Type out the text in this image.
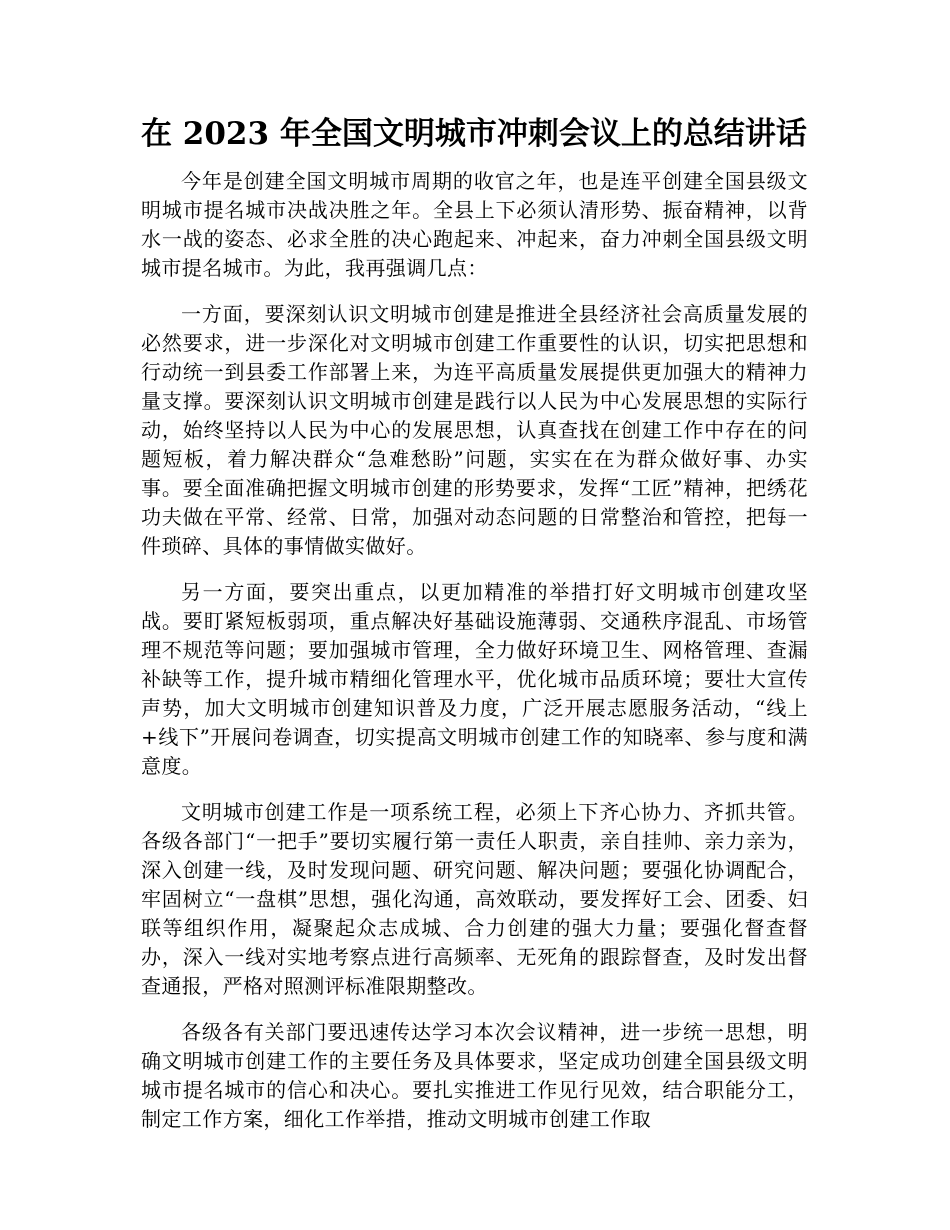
在 2023 年全国文明城市冲刺会议上的总结讲话

今年是创建全国文明城市周期的收官之年，也是连平创建全国县级文明城市提名城市决战决胜之年。全县上下必须认清形势、振奋精神，以背水一战的姿态、必求全胜的决心跑起来、冲起来，奋力冲刺全国县级文明城市提名城市。为此，我再强调几点：

一方面，要深刻认识文明城市创建是推进全县经济社会高质量发展的必然要求，进一步深化对文明城市创建工作重要性的认识，切实把思想和行动统一到县委工作部署上来，为连平高质量发展提供更加强大的精神力量支撑。要深刻认识文明城市创建是践行以人民为中心发展思想的实际行动，始终坚持以人民为中心的发展思想，认真查找在创建工作中存在的问题短板，着力解决群众“急难愁盼”问题，实实在在为群众做好事、办实事。要全面准确把握文明城市创建的形势要求，发挥“工匠”精神，把绣花功夫做在平常、经常、日常，加强对动态问题的日常整治和管控，把每一件琐碎、具体的事情做实做好。

另一方面，要突出重点，以更加精准的举措打好文明城市创建攻坚战。要盯紧短板弱项，重点解决好基础设施薄弱、交通秩序混乱、市场管理不规范等问题；要加强城市管理，全力做好环境卫生、网格管理、查漏补缺等工作，提升城市精细化管理水平，优化城市品质环境；要壮大宣传声势，加大文明城市创建知识普及力度，广泛开展志愿服务活动，“线上+线下”开展问卷调查，切实提高文明城市创建工作的知晓率、参与度和满意度。

文明城市创建工作是一项系统工程，必须上下齐心协力、齐抓共管。各级各部门“一把手”要切实履行第一责任人职责，亲自挂帅、亲力亲为，深入创建一线，及时发现问题、研究问题、解决问题；要强化协调配合，牢固树立“一盘棋”思想，强化沟通，高效联动，要发挥好工会、团委、妇联等组织作用，凝聚起众志成城、合力创建的强大力量；要强化督查督办，深入一线对实地考察点进行高频率、无死角的跟踪督查，及时发出督查通报，严格对照测评标准限期整改。

各级各有关部门要迅速传达学习本次会议精神，进一步统一思想，明确文明城市创建工作的主要任务及具体要求，坚定成功创建全国县级文明城市提名城市的信心和决心。要扎实推进工作见行见效，结合职能分工，制定工作方案，细化工作举措，推动文明城市创建工作取
